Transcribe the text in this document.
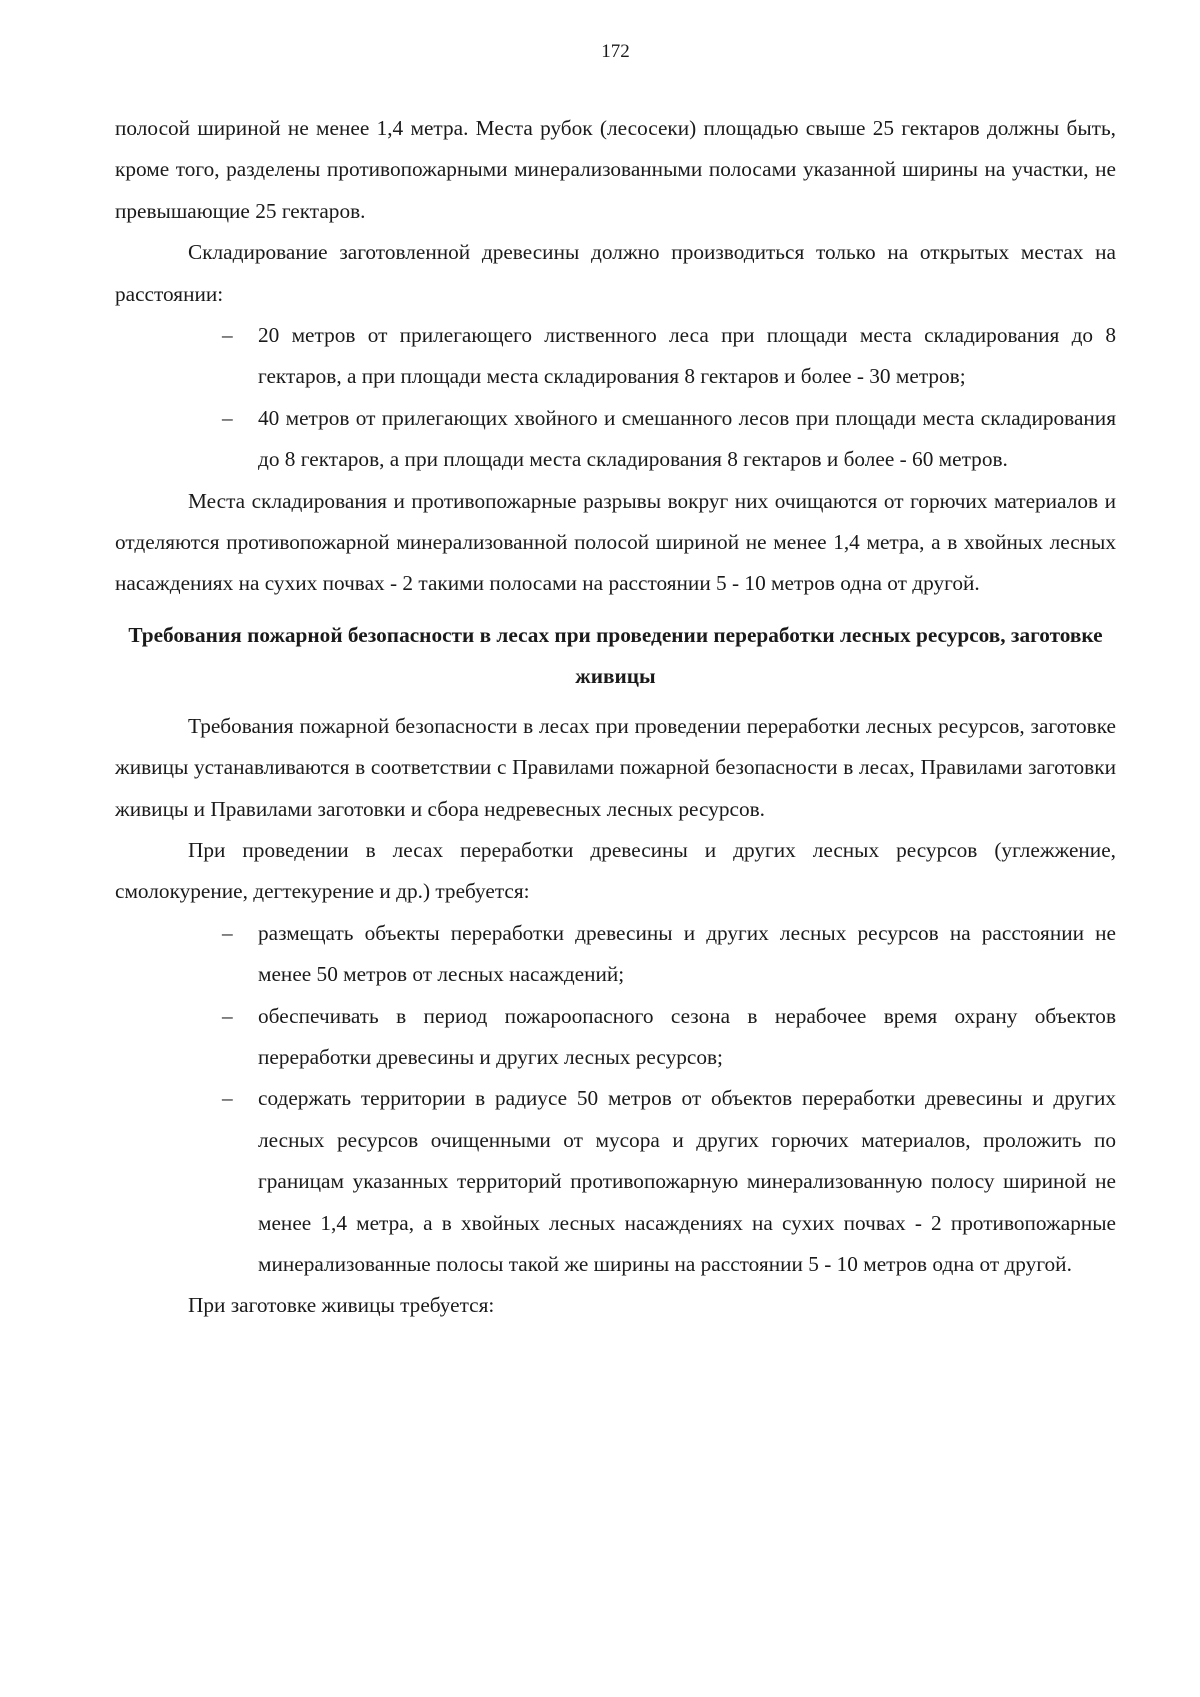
172

полосой шириной не менее 1,4 метра. Места рубок (лесосеки) площадью свыше 25 гектаров должны быть, кроме того, разделены противопожарными минерализованными полосами указанной ширины на участки, не превышающие 25 гектаров.

Складирование заготовленной древесины должно производиться только на открытых местах на расстоянии:

– 20 метров от прилегающего лиственного леса при площади места складирования до 8 гектаров, а при площади места складирования 8 гектаров и более - 30 метров;
– 40 метров от прилегающих хвойного и смешанного лесов при площади места складирования до 8 гектаров, а при площади места складирования 8 гектаров и более - 60 метров.

Места складирования и противопожарные разрывы вокруг них очищаются от горючих материалов и отделяются противопожарной минерализованной полосой шириной не менее 1,4 метра, а в хвойных лесных насаждениях на сухих почвах - 2 такими полосами на расстоянии 5 - 10 метров одна от другой.

Требования пожарной безопасности в лесах при проведении переработки лесных ресурсов, заготовке живицы

Требования пожарной безопасности в лесах при проведении переработки лесных ресурсов, заготовке живицы устанавливаются в соответствии с Правилами пожарной безопасности в лесах, Правилами заготовки живицы и Правилами заготовки и сбора недревесных лесных ресурсов.

При проведении в лесах переработки древесины и других лесных ресурсов (углежжение, смолокурение, дегтекурение и др.) требуется:

– размещать объекты переработки древесины и других лесных ресурсов на расстоянии не менее 50 метров от лесных насаждений;
– обеспечивать в период пожароопасного сезона в нерабочее время охрану объектов переработки древесины и других лесных ресурсов;
– содержать территории в радиусе 50 метров от объектов переработки древесины и других лесных ресурсов очищенными от мусора и других горючих материалов, проложить по границам указанных территорий противопожарную минерализованную полосу шириной не менее 1,4 метра, а в хвойных лесных насаждениях на сухих почвах - 2 противопожарные минерализованные полосы такой же ширины на расстоянии 5 - 10 метров одна от другой.

При заготовке живицы требуется:
